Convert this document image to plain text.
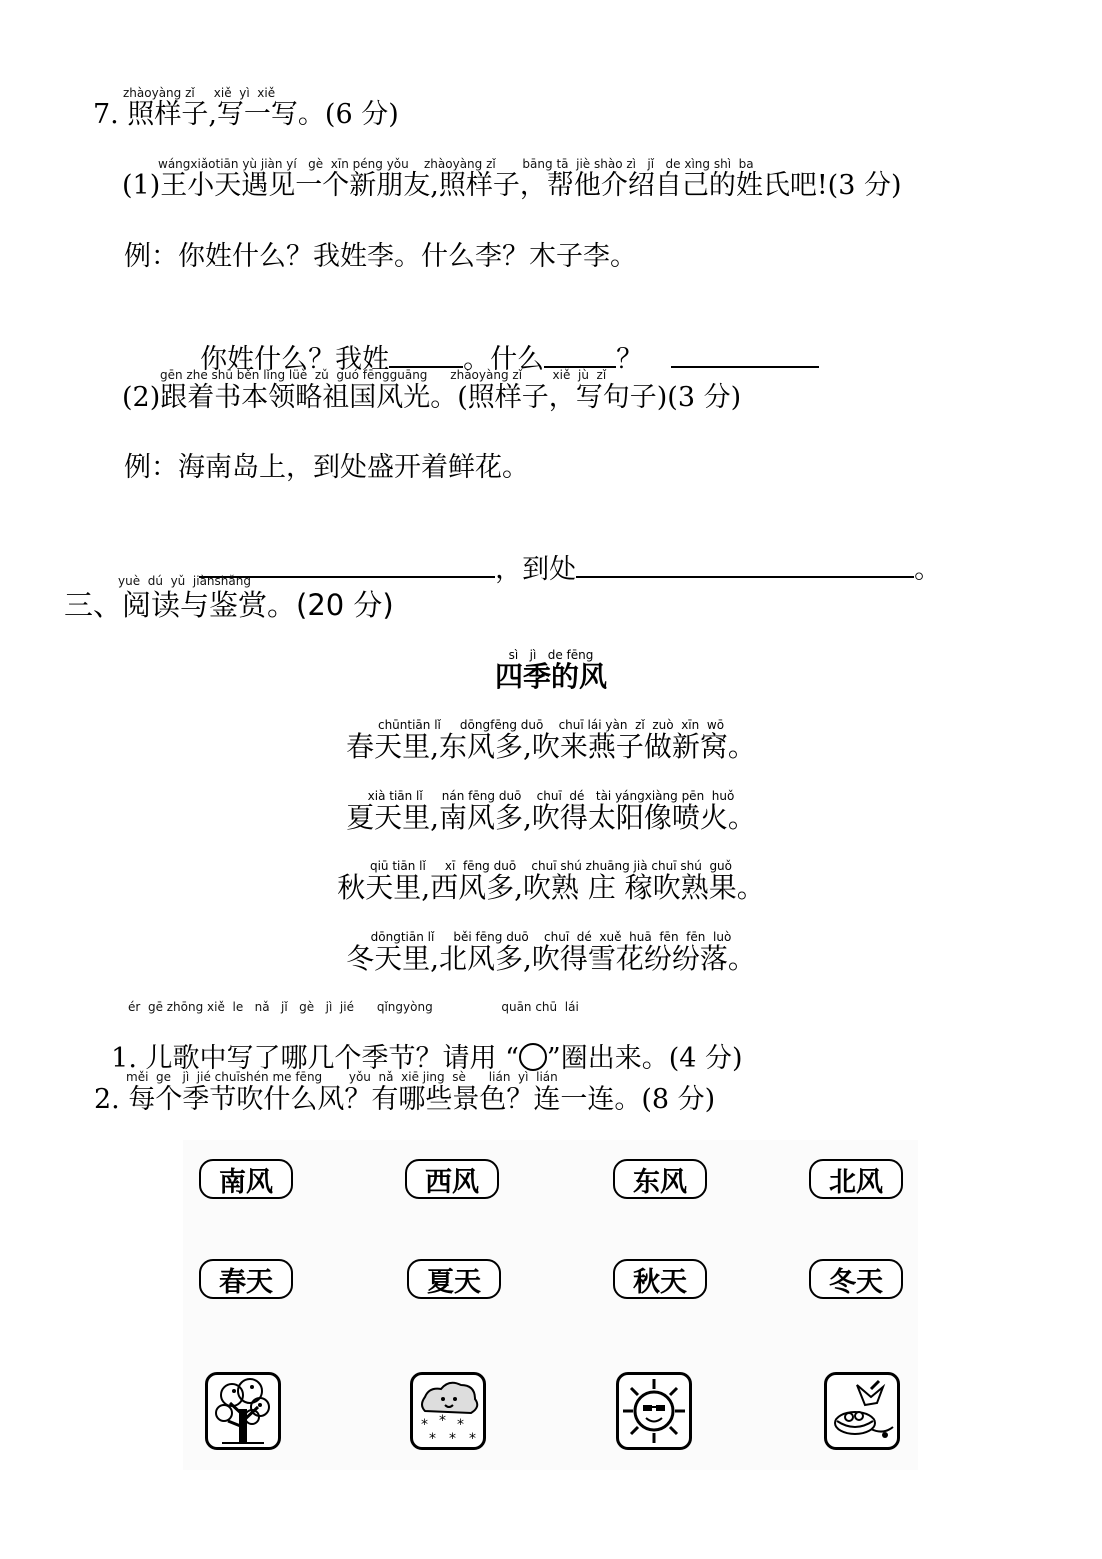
zhàoyàng zǐ     xiě  yì  xiě
7. 照样子,写一写。(6 分)
wángxiǎotiān yù jiàn yí   gè  xīn péng yǒu    zhàoyàng zǐ       bāng tā  jiè shào zì   jǐ   de xìng shì  ba
(1)王小天遇见一个新朋友,照样子，帮他介绍自己的姓氏吧!(3 分)
例：你姓什么？我姓李。什么李？木子李。

你姓什么？我姓	。什么	？

gēn zhe shū běn lǐng lüè  zǔ  guó fēngguāng      zhàoyàng zǐ        xiě  jù  zǐ
(2)跟着书本领略祖国风光。(照样子，写句子)(3 分)
例：海南岛上，到处盛开着鲜花。

，到处	。

yuè  dú  yǔ  jiànshǎng
三、阅读与鉴赏。(20 分)
sì   jì   de fēng
四季的风
chūntiān lǐ     dōngfēng duō    chuī lái yàn  zǐ  zuò  xīn  wō
春天里,东风多,吹来燕子做新窝。
xià tiān lǐ     nán fēng duō    chuī  dé   tài yángxiàng pēn  huǒ
夏天里,南风多,吹得太阳像喷火。
qiū tiān lǐ     xī  fēng duō    chuī shú zhuāng jià chuī shú  guǒ
秋天里,西风多,吹熟 庄 稼吹熟果。
dōngtiān lǐ     běi fēng duō    chuī  dé  xuě  huā  fēn  fēn  luò
冬天里,北风多,吹得雪花纷纷落。
ér  gē zhōng xiě  le   nǎ   jǐ   gè   jì  jié      qǐngyòng                  quān chū  lái

1. 儿歌中写了哪几个季节？请用 “ ”圈出来。(4 分)

měi  ge   jì  jié chuīshén me fēng       yǒu  nǎ  xiē jing  sè      lián  yì  lián
2. 每个季节吹什么风？有哪些景色？连一连。(8 分)
南风	西风	东风	北风
春天	夏天	秋天	冬天
* * *
* * *
